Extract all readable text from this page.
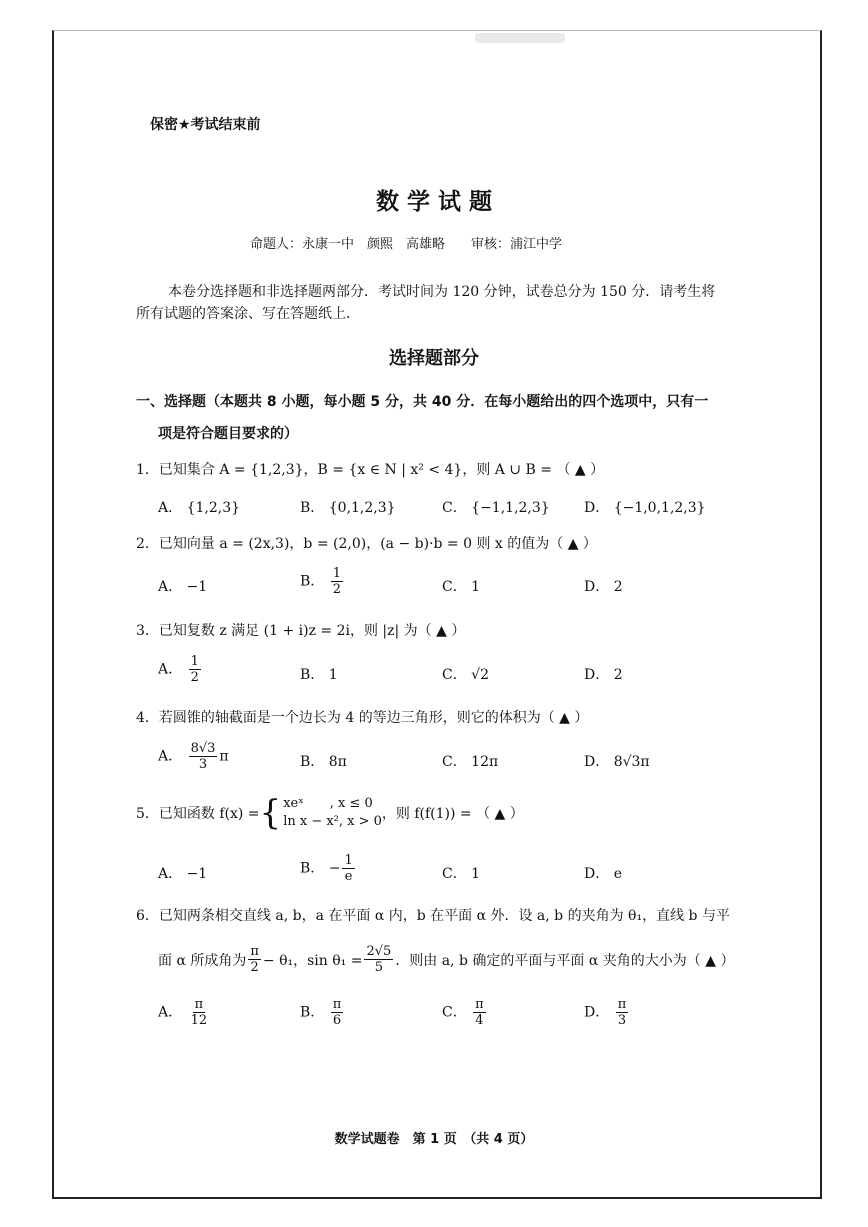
保密★考试结束前
数 学 试 题
命题人：永康一中　颜熙　高雄略　　审核：浦江中学
本卷分选择题和非选择题两部分．考试时间为 120 分钟，试卷总分为 150 分．请考生将
所有试题的答案涂、写在答题纸上．
选择题部分
一、选择题（本题共 8 小题，每小题 5 分，共 40 分．在每小题给出的四个选项中，只有一
项是符合题目要求的）
1．已知集合 A = {1,2,3}，B = {x ∈ N | x² < 4}，则 A ∪ B = （ ▲ ）
A． {1,2,3}	B． {0,1,2,3}	C． {−1,1,2,3} D． {−1,0,1,2,3}
2．已知向量 a = (2x,3)，b = (2,0)，(a − b)·b = 0 则 x 的值为（ ▲ ）
A． −1	B． $\frac{1}{2}$	C． 1	D． 2
3．已知复数 z 满足 (1 + i)z = 2i，则 |z| 为（ ▲ ）
A． $\frac{1}{2}$	B． 1	C． √2	D． 2
4．若圆锥的轴截面是一个边长为 4 的等边三角形，则它的体积为（ ▲ ）
A． $\frac{8√3}{3}$ π	B． 8π	C． 12π	D． 8√3π
5．已知函数 f(x) = { xeˣ　　, x ≤ 0
ln x − x², x > 0 ，则 f(f(1)) = （ ▲ ）
A． −1	B． − $\frac{1}{e}$	C． 1	D． e
6．已知两条相交直线 a, b，a 在平面 α 内，b 在平面 α 外．设 a, b 的夹角为 θ₁，直线 b 与平
面 α 所成角为 $\frac{\pi}{2} - \theta_1$，$\sin \theta_1 = \frac{2√5}{5}$ ．则由 a, b 确定的平面与平面 α 夹角的大小为（ ▲ ）
A． $\frac{\pi}{12}$	B． $\frac{\pi}{6}$	C． $\frac{\pi}{4}$	D． $\frac{\pi}{3}$
数学试题卷　第 1 页　（共 4 页）
